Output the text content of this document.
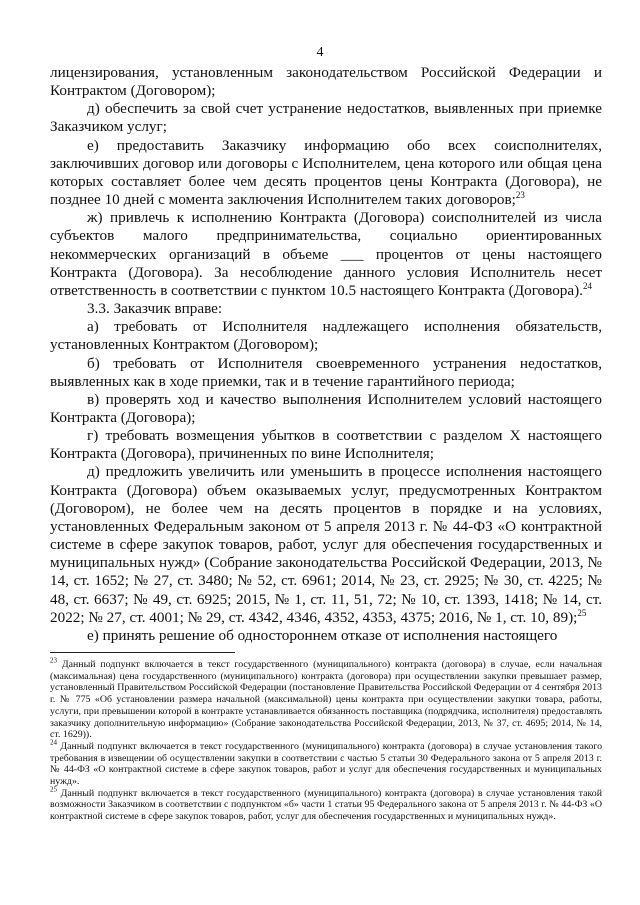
4

лицензирования, установленным законодательством Российской Федерации и Контрактом (Договором);

д) обеспечить за свой счет устранение недостатков, выявленных при приемке Заказчиком услуг;

е) предоставить Заказчику информацию обо всех соисполнителях, заключивших договор или договоры с Исполнителем, цена которого или общая цена которых составляет более чем десять процентов цены Контракта (Договора), не позднее 10 дней с момента заключения Исполнителем таких договоров;$^{23}$

ж) привлечь к исполнению Контракта (Договора) соисполнителей из числа субъектов малого предпринимательства, социально ориентированных некоммерческих организаций в объеме ___ процентов от цены настоящего Контракта (Договора). За несоблюдение данного условия Исполнитель несет ответственность в соответствии с пунктом 10.5 настоящего Контракта (Договора).$^{24}$

3.3. Заказчик вправе:

а) требовать от Исполнителя надлежащего исполнения обязательств, установленных Контрактом (Договором);

б) требовать от Исполнителя своевременного устранения недостатков, выявленных как в ходе приемки, так и в течение гарантийного периода;

в) проверять ход и качество выполнения Исполнителем условий настоящего Контракта (Договора);

г) требовать возмещения убытков в соответствии с разделом X настоящего Контракта (Договора), причиненных по вине Исполнителя;

д) предложить увеличить или уменьшить в процессе исполнения настоящего Контракта (Договора) объем оказываемых услуг, предусмотренных Контрактом (Договором), не более чем на десять процентов в порядке и на условиях, установленных Федеральным законом от 5 апреля 2013 г. № 44-ФЗ «О контрактной системе в сфере закупок товаров, работ, услуг для обеспечения государственных и муниципальных нужд» (Собрание законодательства Российской Федерации, 2013, № 14, ст. 1652; № 27, ст. 3480; № 52, ст. 6961; 2014, № 23, ст. 2925; № 30, ст. 4225; № 48, ст. 6637; № 49, ст. 6925; 2015, № 1, ст. 11, 51, 72; № 10, ст. 1393, 1418; № 14, ст. 2022; № 27, ст. 4001; № 29, ст. 4342, 4346, 4352, 4353, 4375; 2016, № 1, ст. 10, 89);$^{25}$

е) принять решение об одностороннем отказе от исполнения настоящего

$^{23}$ Данный подпункт включается в текст государственного (муниципального) контракта (договора) в случае, если начальная (максимальная) цена государственного (муниципального) контракта (договора) при осуществлении закупки превышает размер, установленный Правительством Российской Федерации (постановление Правительства Российской Федерации от 4 сентября 2013 г. № 775 «Об установлении размера начальной (максимальной) цены контракта при осуществлении закупки товара, работы, услуги, при превышении которой в контракте устанавливается обязанность поставщика (подрядчика, исполнителя) предоставлять заказчику дополнительную информацию» (Собрание законодательства Российской Федерации, 2013, № 37, ст. 4695; 2014, № 14, ст. 1629)).

$^{24}$ Данный подпункт включается в текст государственного (муниципального) контракта (договора) в случае установления такого требования в извещении об осуществлении закупки в соответствии с частью 5 статьи 30 Федерального закона от 5 апреля 2013 г. № 44-ФЗ «О контрактной системе в сфере закупок товаров, работ и услуг для обеспечения государственных и муниципальных нужд».

$^{25}$ Данный подпункт включается в текст государственного (муниципального) контракта (договора) в случае установления такой возможности Заказчиком в соответствии с подпунктом «б» части 1 статьи 95 Федерального закона от 5 апреля 2013 г. № 44-ФЗ «О контрактной системе в сфере закупок товаров, работ, услуг для обеспечения государственных и муниципальных нужд».
